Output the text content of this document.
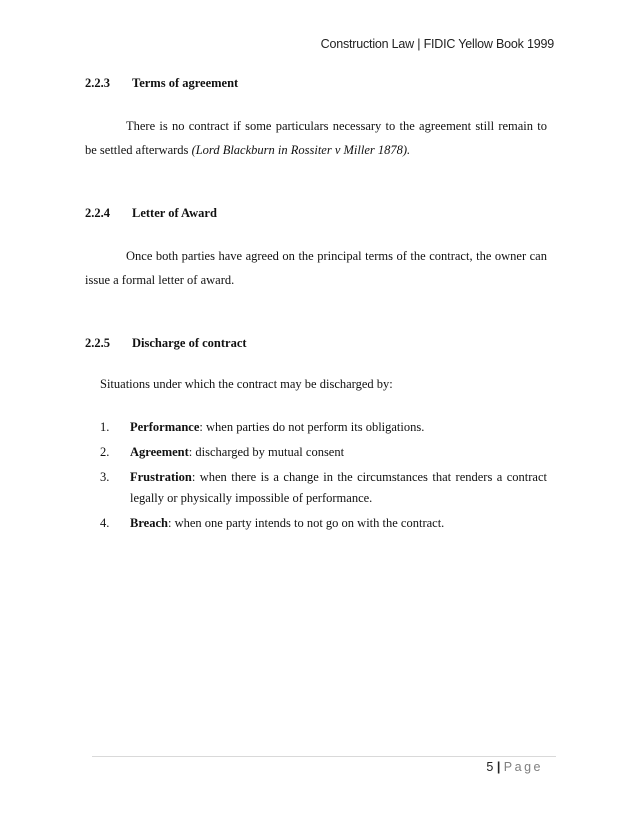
Construction Law | FIDIC Yellow Book 1999
2.2.3 Terms of agreement
There is no contract if some particulars necessary to the agreement still remain to be settled afterwards (Lord Blackburn in Rossiter v Miller 1878).
2.2.4 Letter of Award
Once both parties have agreed on the principal terms of the contract, the owner can issue a formal letter of award.
2.2.5 Discharge of contract
Situations under which the contract may be discharged by:
1. Performance: when parties do not perform its obligations.
2. Agreement: discharged by mutual consent
3. Frustration: when there is a change in the circumstances that renders a contract legally or physically impossible of performance.
4. Breach: when one party intends to not go on with the contract.
5 | Page
